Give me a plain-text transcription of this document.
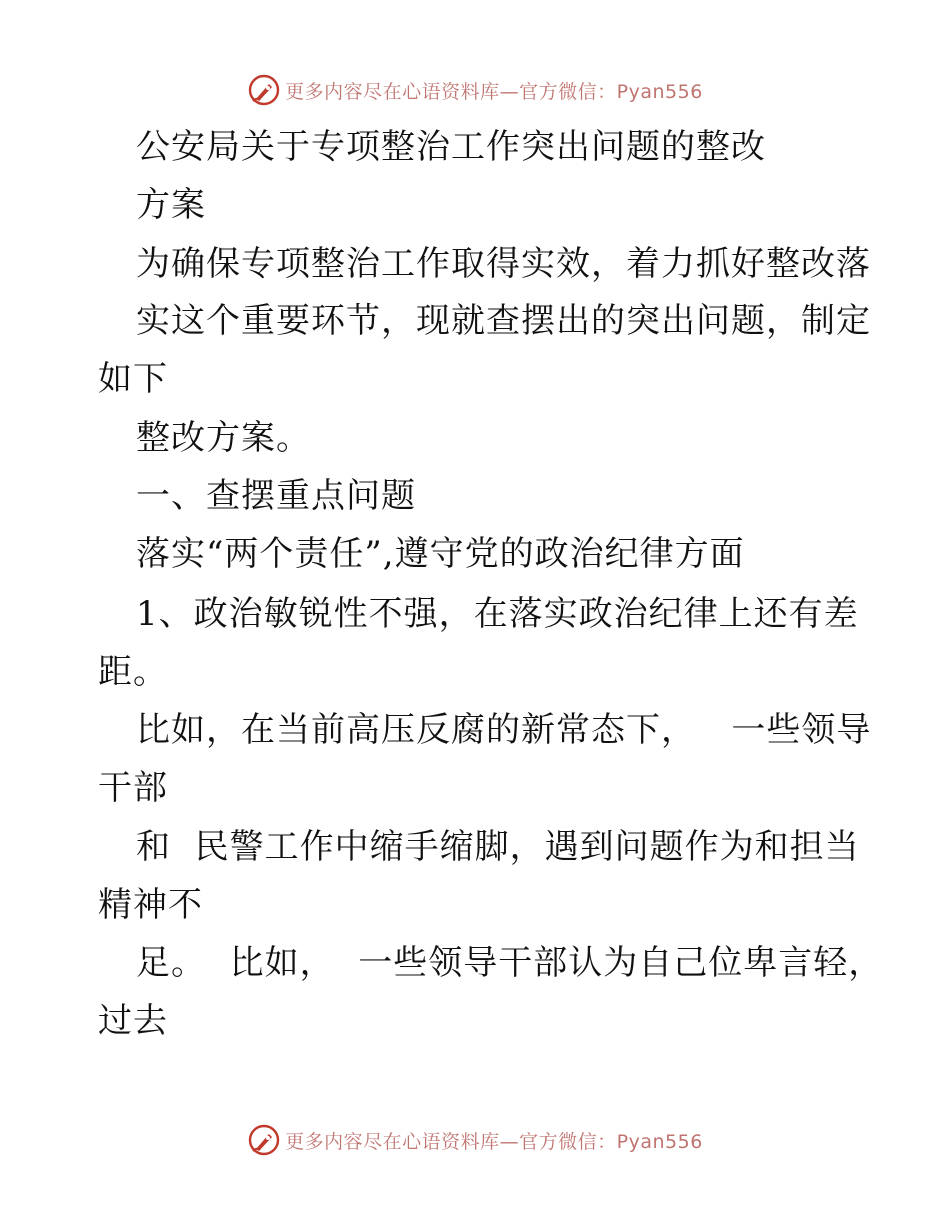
更多内容尽在心语资料库—官方微信：Pyan556
公安局关于专项整治工作突出问题的整改
方案
为确保专项整治工作取得实效，着力抓好整改落
实这个重要环节，现就查摆出的突出问题，制定
如下
整改方案。
一、查摆重点问题
落实“两个责任”,遵守党的政治纪律方面
1、政治敏锐性不强，在落实政治纪律上还有差
距。
比如，在当前高压反腐的新常态下，   一些领导
干部
和  民警工作中缩手缩脚，遇到问题作为和担当
精神不
足。  比如，  一些领导干部认为自己位卑言轻，
过去
更多内容尽在心语资料库—官方微信：Pyan556
